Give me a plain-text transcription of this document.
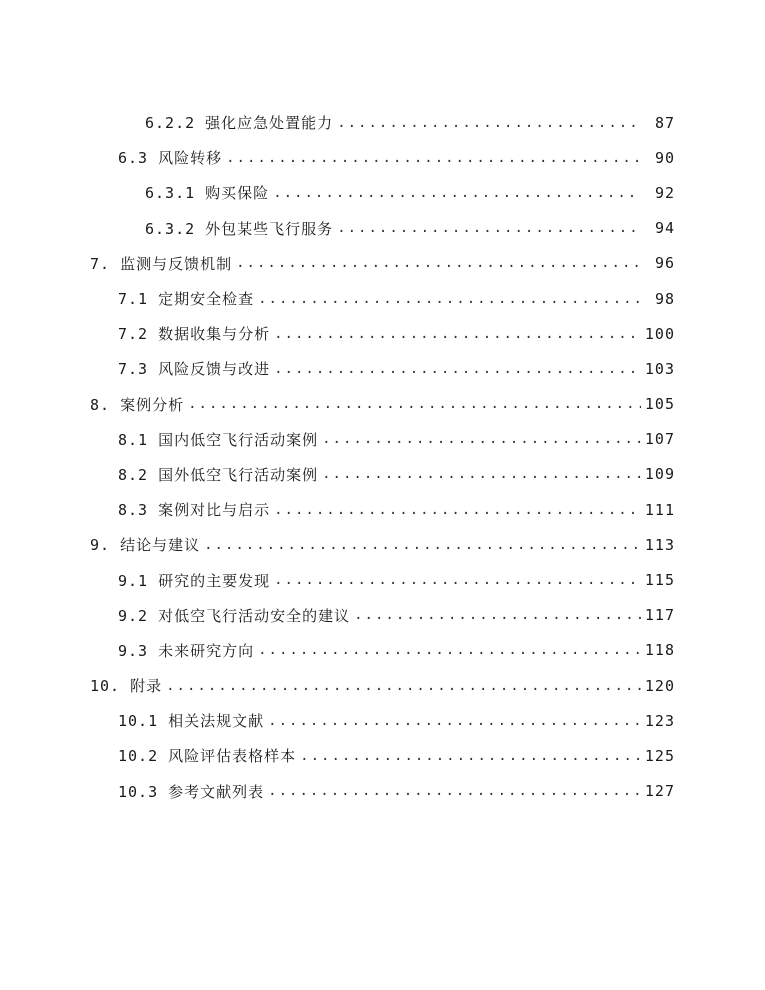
6.2.2 强化应急处置能力 .....	87
6.3 风险转移 .....	90
6.3.1 购买保险 .....	92
6.3.2 外包某些飞行服务 .....	94
7. 监测与反馈机制 .....	96
7.1 定期安全检查 .....	98
7.2 数据收集与分析 .....	100
7.3 风险反馈与改进 .....	103
8. 案例分析 .....	105
8.1 国内低空飞行活动案例 .....	107
8.2 国外低空飞行活动案例 .....	109
8.3 案例对比与启示 .....	111
9. 结论与建议 .....	113
9.1 研究的主要发现 .....	115
9.2 对低空飞行活动安全的建议 .....	117
9.3 未来研究方向 .....	118
10. 附录 .....	120
10.1 相关法规文献 .....	123
10.2 风险评估表格样本 .....	125
10.3 参考文献列表 .....	127
